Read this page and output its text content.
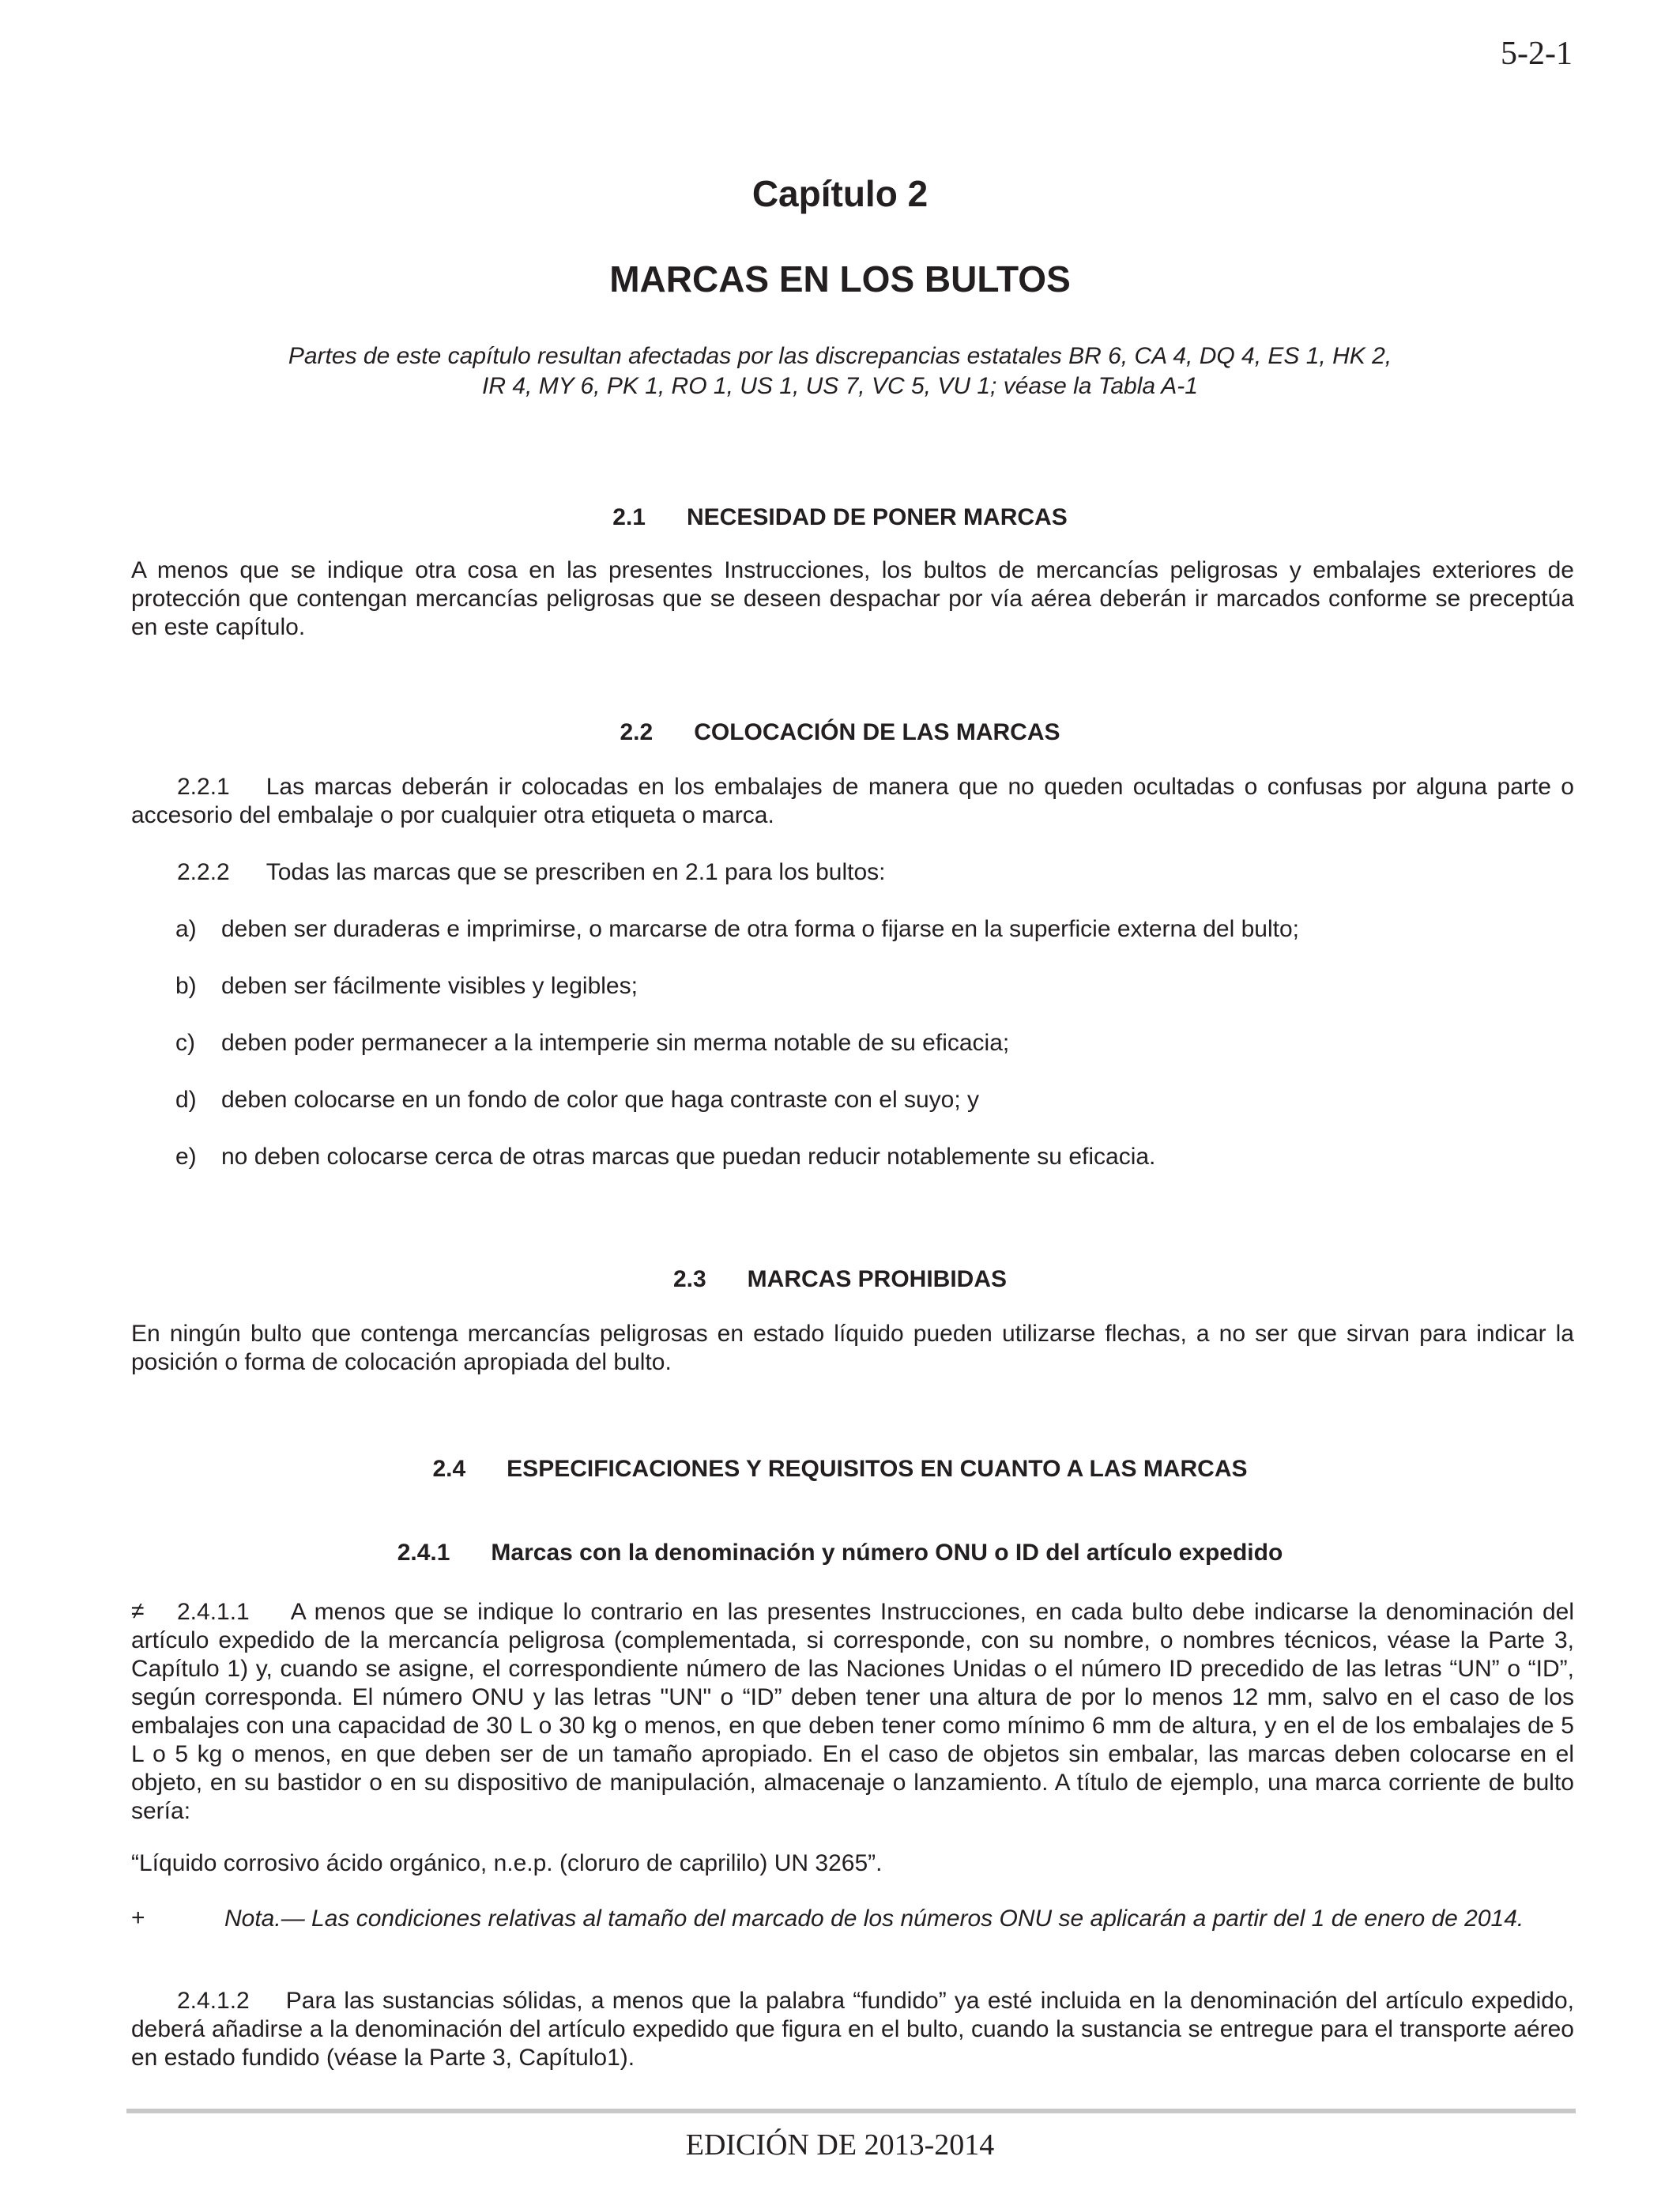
5-2-1
Capítulo 2
MARCAS EN LOS BULTOS
Partes de este capítulo resultan afectadas por las discrepancias estatales BR 6, CA 4, DQ 4, ES 1, HK 2,
IR 4, MY 6, PK 1, RO 1, US 1, US 7, VC 5, VU 1; véase la Tabla A-1
2.1 NECESIDAD DE PONER MARCAS
A menos que se indique otra cosa en las presentes Instrucciones, los bultos de mercancías peligrosas y embalajes exteriores de protección que contengan mercancías peligrosas que se deseen despachar por vía aérea deberán ir marcados conforme se preceptúa en este capítulo.
2.2 COLOCACIÓN DE LAS MARCAS
2.2.1 Las marcas deberán ir colocadas en los embalajes de manera que no queden ocultadas o confusas por alguna parte o accesorio del embalaje o por cualquier otra etiqueta o marca.
2.2.2 Todas las marcas que se prescriben en 2.1 para los bultos:
a) deben ser duraderas e imprimirse, o marcarse de otra forma o fijarse en la superficie externa del bulto;
b) deben ser fácilmente visibles y legibles;
c) deben poder permanecer a la intemperie sin merma notable de su eficacia;
d) deben colocarse en un fondo de color que haga contraste con el suyo; y
e) no deben colocarse cerca de otras marcas que puedan reducir notablemente su eficacia.
2.3 MARCAS PROHIBIDAS
En ningún bulto que contenga mercancías peligrosas en estado líquido pueden utilizarse flechas, a no ser que sirvan para indicar la posición o forma de colocación apropiada del bulto.
2.4 ESPECIFICACIONES Y REQUISITOS EN CUANTO A LAS MARCAS
2.4.1 Marcas con la denominación y número ONU o ID del artículo expedido
≠	2.4.1.1 A menos que se indique lo contrario en las presentes Instrucciones, en cada bulto debe indicarse la denominación del artículo expedido de la mercancía peligrosa (complementada, si corresponde, con su nombre, o nombres técnicos, véase la Parte 3, Capítulo 1) y, cuando se asigne, el correspondiente número de las Naciones Unidas o el número ID precedido de las letras “UN” o “ID”, según corresponda. El número ONU y las letras "UN" o “ID” deben tener una altura de por lo menos 12 mm, salvo en el caso de los embalajes con una capacidad de 30 L o 30 kg o menos, en que deben tener como mínimo 6 mm de altura, y en el de los embalajes de 5 L o 5 kg o menos, en que deben ser de un tamaño apropiado. En el caso de objetos sin embalar, las marcas deben colocarse en el objeto, en su bastidor o en su dispositivo de manipulación, almacenaje o lanzamiento. A título de ejemplo, una marca corriente de bulto sería:
“Líquido corrosivo ácido orgánico, n.e.p. (cloruro de caprililo) UN 3265”.
+	Nota.— Las condiciones relativas al tamaño del marcado de los números ONU se aplicarán a partir del 1 de enero de 2014.
2.4.1.2 Para las sustancias sólidas, a menos que la palabra “fundido” ya esté incluida en la denominación del artículo expedido, deberá añadirse a la denominación del artículo expedido que figura en el bulto, cuando la sustancia se entregue para el transporte aéreo en estado fundido (véase la Parte 3, Capítulo1).
EDICIÓN DE 2013-2014
